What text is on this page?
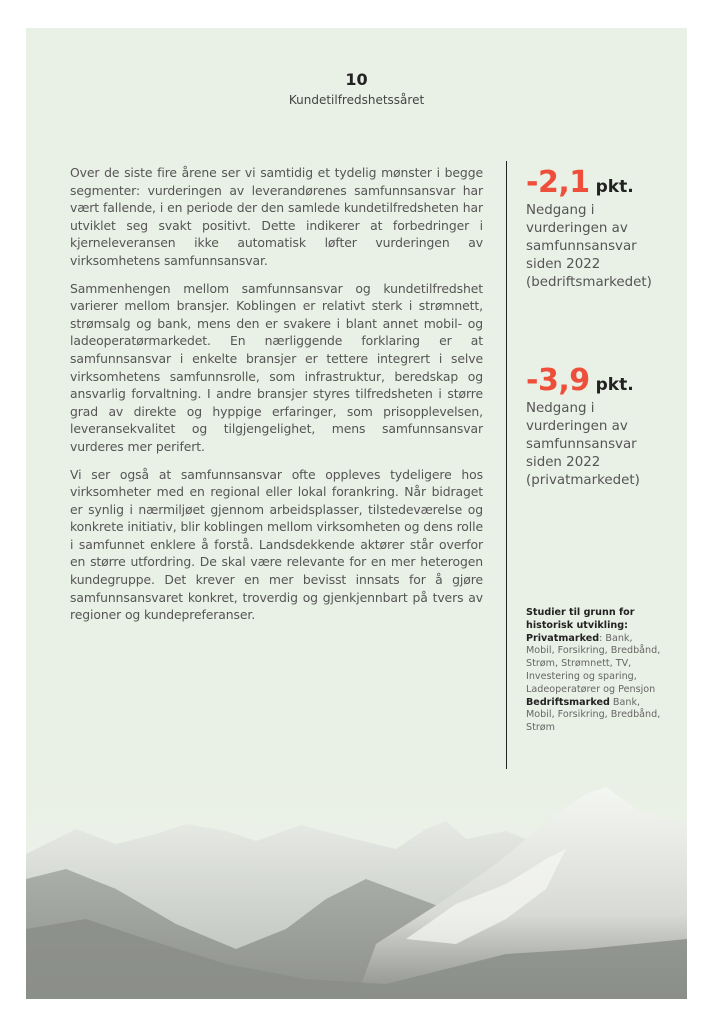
10
Kundetilfredshetssåret

Over de siste fire årene ser vi samtidig et tydelig mønster i begge segmenter: vurderingen av leverandørenes samfunnsansvar har vært fallende, i en periode der den samlede kundetilfredsheten har utviklet seg svakt positivt. Dette indikerer at forbedringer i kjerneleveransen ikke automatisk løfter vurderingen av virksomhetens samfunnsansvar.

Sammenhengen mellom samfunnsansvar og kundetilfredshet varierer mellom bransjer. Koblingen er relativt sterk i strømnett, strømsalg og bank, mens den er svakere i blant annet mobil- og ladeoperatørmarkedet. En nærliggende forklaring er at samfunnsansvar i enkelte bransjer er tettere integrert i selve virksomhetens samfunnsrolle, som infrastruktur, beredskap og ansvarlig forvaltning. I andre bransjer styres tilfredsheten i større grad av direkte og hyppige erfaringer, som prisopplevelsen, leveransekvalitet og tilgjengelighet, mens samfunnsansvar vurderes mer perifert.

Vi ser også at samfunnsansvar ofte oppleves tydeligere hos virksomheter med en regional eller lokal forankring. Når bidraget er synlig i nærmiljøet gjennom arbeidsplasser, tilstedeværelse og konkrete initiativ, blir koblingen mellom virksomheten og dens rolle i samfunnet enklere å forstå. Landsdekkende aktører står overfor en større utfordring. De skal være relevante for en mer heterogen kundegruppe. Det krever en mer bevisst innsats for å gjøre samfunnsansvaret konkret, troverdig og gjenkjennbart på tvers av regioner og kundepreferanser.

-2,1 pkt.
Nedgang i vurderingen av samfunnsansvar siden 2022 (bedriftsmarkedet)
-3,9 pkt.
Nedgang i vurderingen av samfunnsansvar siden 2022 (privatmarkedet)
Studier til grunn for historisk utvikling:
Privatmarked: Bank, Mobil, Forsikring, Bredbånd, Strøm, Strømnett, TV, Investering og sparing, Ladeoperatører og Pensjon Bedriftsmarked Bank, Mobil, Forsikring, Bredbånd, Strøm
